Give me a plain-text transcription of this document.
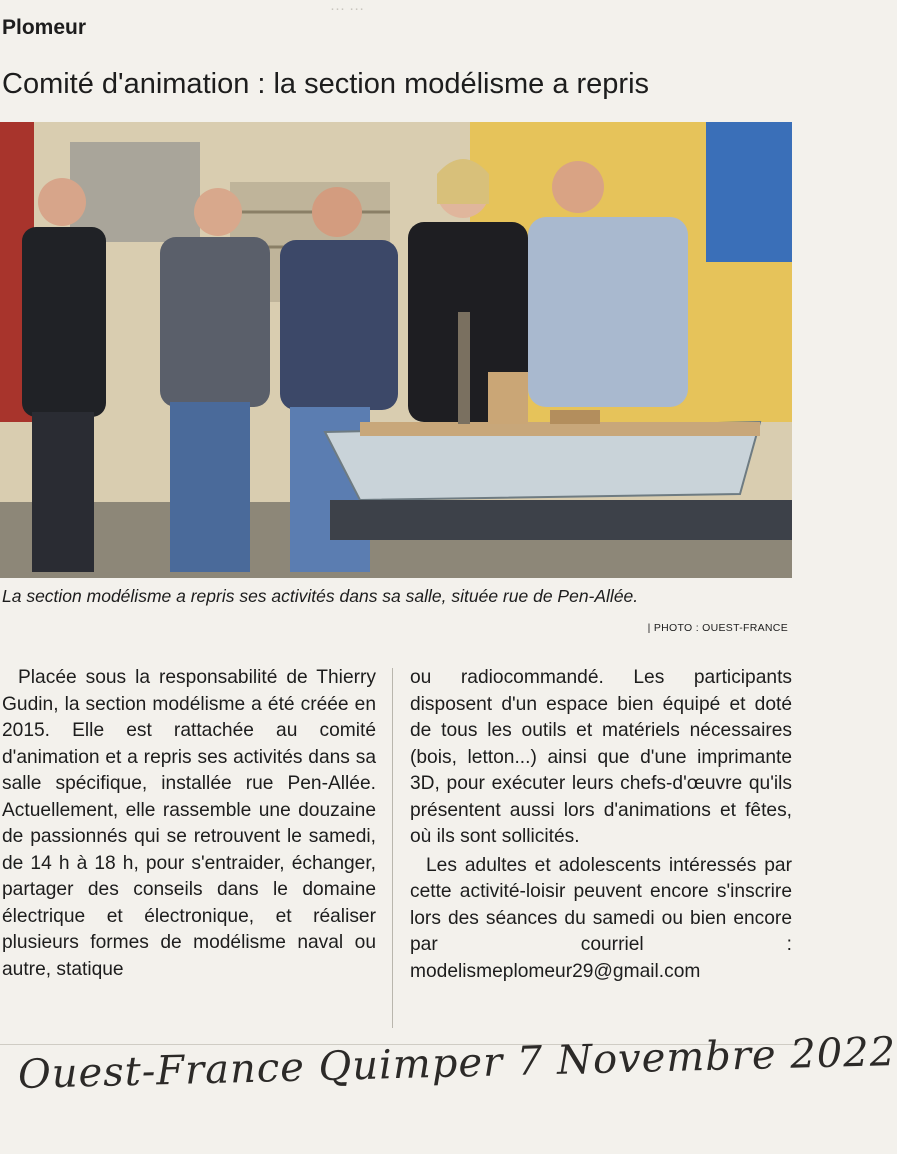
··· ···
Plomeur
Comité d'animation : la section modélisme a repris
La section modélisme a repris ses activités dans sa salle, située rue de Pen-Allée.
| PHOTO : OUEST-FRANCE

Placée sous la responsabilité de Thierry Gudin, la section modélisme a été créée en 2015. Elle est rattachée au comité d'animation et a repris ses activités dans sa salle spécifique, installée rue Pen-Allée. Actuellement, elle rassemble une douzaine de passionnés qui se retrouvent le samedi, de 14 h à 18 h, pour s'entraider, échanger, partager des conseils dans le domaine électrique et électronique, et réaliser plusieurs formes de modélisme naval ou autre, statique

ou radiocommandé. Les participants disposent d'un espace bien équipé et doté de tous les outils et matériels nécessaires (bois, letton...) ainsi que d'une imprimante 3D, pour exécuter leurs chefs-d'œuvre qu'ils présentent aussi lors d'animations et fêtes, où ils sont sollicités.

Les adultes et adolescents intéressés par cette activité-loisir peuvent encore s'inscrire lors des séances du samedi ou bien encore par courriel : modelismeplomeur29@gmail.com

Ouest-France Quimper 7 Novembre 2022
